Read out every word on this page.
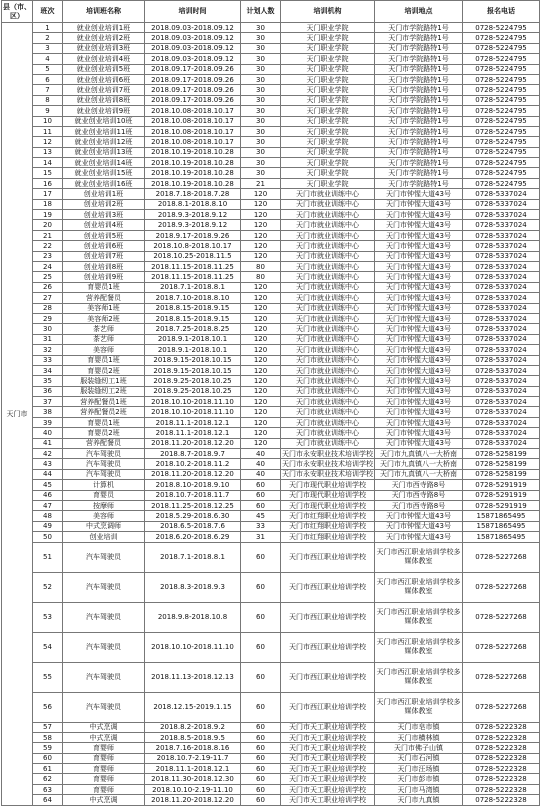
县（市、区）	班次	培训班名称	培训时间	计划人数	培训机构	培训地点	报名电话
天门市	1	就业创业培训1班	2018.09.03-2018.09.12	30	天门职业学院	天门市学院路特1号	0728-5224795
	2	就业创业培训2班	2018.09.03-2018.09.12	30	天门职业学院	天门市学院路特1号	0728-5224795
	3	就业创业培训3班	2018.09.03-2018.09.12	30	天门职业学院	天门市学院路特1号	0728-5224795
	4	就业创业培训4班	2018.09.03-2018.09.12	30	天门职业学院	天门市学院路特1号	0728-5224795
	5	就业创业培训5班	2018.09.17-2018.09.26	30	天门职业学院	天门市学院路特1号	0728-5224795
	6	就业创业培训6班	2018.09.17-2018.09.26	30	天门职业学院	天门市学院路特1号	0728-5224795
	7	就业创业培训7班	2018.09.17-2018.09.26	30	天门职业学院	天门市学院路特1号	0728-5224795
	8	就业创业培训8班	2018.09.17-2018.09.26	30	天门职业学院	天门市学院路特1号	0728-5224795
	9	就业创业培训9班	2018.10.08-2018.10.17	30	天门职业学院	天门市学院路特1号	0728-5224795
	10	就业创业培训10班	2018.10.08-2018.10.17	30	天门职业学院	天门市学院路特1号	0728-5224795
	11	就业创业培训11班	2018.10.08-2018.10.17	30	天门职业学院	天门市学院路特1号	0728-5224795
	12	就业创业培训12班	2018.10.08-2018.10.17	30	天门职业学院	天门市学院路特1号	0728-5224795
	13	就业创业培训13班	2018.10.19-2018.10.28	30	天门职业学院	天门市学院路特1号	0728-5224795
	14	就业创业培训14班	2018.10.19-2018.10.28	30	天门职业学院	天门市学院路特1号	0728-5224795
	15	就业创业培训15班	2018.10.19-2018.10.28	30	天门职业学院	天门市学院路特1号	0728-5224795
	16	就业创业培训16班	2018.10.19-2018.10.28	21	天门职业学院	天门市学院路特1号	0728-5224795
	17	创业培训1班	2018.7.18-2018.7.28	120	天门市就业训练中心	天门市钟惺大道43号	0728-5337024
	18	创业培训2班	2018.8.1-2018.8.10	120	天门市就业训练中心	天门市钟惺大道43号	0728-5337024
	19	创业培训3班	2018.9.3-2018.9.12	120	天门市就业训练中心	天门市钟惺大道43号	0728-5337024
	20	创业培训4班	2018.9.3-2018.9.12	120	天门市就业训练中心	天门市钟惺大道43号	0728-5337024
	21	创业培训5班	2018.9.17-2018.9.26	120	天门市就业训练中心	天门市钟惺大道43号	0728-5337024
	22	创业培训6班	2018.10.8-2018.10.17	120	天门市就业训练中心	天门市钟惺大道43号	0728-5337024
	23	创业培训7班	2018.10.25-2018.11.5	120	天门市就业训练中心	天门市钟惺大道43号	0728-5337024
	24	创业培训8班	2018.11.15-2018.11.25	80	天门市就业训练中心	天门市钟惺大道43号	0728-5337024
	25	创业培训9班	2018.11.15-2018.11.25	80	天门市就业训练中心	天门市钟惺大道43号	0728-5337024
	26	育婴员1班	2018.7.1-2018.8.1	120	天门市就业训练中心	天门市钟惺大道43号	0728-5337024
	27	营养配餐员	2018.7.10-2018.8.10	120	天门市就业训练中心	天门市钟惺大道43号	0728-5337024
	28	美容师1班	2018.8.15-2018.9.15	120	天门市就业训练中心	天门市钟惺大道43号	0728-5337024
	29	美容师2班	2018.8.15-2018.9.15	120	天门市就业训练中心	天门市钟惺大道43号	0728-5337024
	30	茶艺师	2018.7.25-2018.8.25	120	天门市就业训练中心	天门市钟惺大道43号	0728-5337024
	31	茶艺师	2018.9.1-2018.10.1	120	天门市就业训练中心	天门市钟惺大道43号	0728-5337024
	32	美容师	2018.9.1-2018.10.1	120	天门市就业训练中心	天门市钟惺大道43号	0728-5337024
	33	育婴员1班	2018.9.15-2018.10.15	120	天门市就业训练中心	天门市钟惺大道43号	0728-5337024
	34	育婴员2班	2018.9.15-2018.10.15	120	天门市就业训练中心	天门市钟惺大道43号	0728-5337024
	35	服装缝纫工1班	2018.9.25-2018.10.25	120	天门市就业训练中心	天门市钟惺大道43号	0728-5337024
	36	服装缝纫工2班	2018.9.25-2018.10.25	120	天门市就业训练中心	天门市钟惺大道43号	0728-5337024
	37	营养配餐员1班	2018.10.10-2018.11.10	120	天门市就业训练中心	天门市钟惺大道43号	0728-5337024
	38	营养配餐员2班	2018.10.10-2018.11.10	120	天门市就业训练中心	天门市钟惺大道43号	0728-5337024
	39	育婴员1班	2018.11.1-2018.12.1	120	天门市就业训练中心	天门市钟惺大道43号	0728-5337024
	40	育婴员2班	2018.11.1-2018.12.1	120	天门市就业训练中心	天门市钟惺大道43号	0728-5337024
	41	营养配餐员	2018.11.20-2018.12.20	120	天门市就业训练中心	天门市钟惺大道43号	0728-5337024
	42	汽车驾驶员	2018.8.7-2018.9.7	40	天门市永安职业技术培训学校	天门市九真镇八一大桥南	0728-5258199
	43	汽车驾驶员	2018.10.2-2018.11.2	40	天门市永安职业技术培训学校	天门市九真镇八一大桥南	0728-5258199
	44	汽车驾驶员	2018.11.20-2018.12.20	40	天门市永安职业技术培训学校	天门市九真镇八一大桥南	0728-5258199
	45	计算机	2018.8.10-2018.9.10	60	天门市现代职业培训学校	天门市西寺路8号	0728-5291919
	46	育婴员	2018.10.7-2018.11.7	60	天门市现代职业培训学校	天门市西寺路8号	0728-5291919
	47	按摩师	2018.11.25-2018.12.25	60	天门市现代职业培训学校	天门市西寺路8号	0728-5291919
	48	美容师	2018.5.29-2018.6.30	45	天门市红翔职业培训学校	天门市钟惺大道43号	15871865495
	49	中式烹调师	2018.6.5-2018.7.6	33	天门市红翔职业培训学校	天门市钟惺大道43号	15871865495
	50	创业培训	2018.6.20-2018.6.29	31	天门市红翔职业培训学校	天门市钟惺大道43号	15871865495
	51	汽车驾驶员	2018.7.1-2018.8.1	60	天门市西江职业培训学校	天门市西江职业培训学校多媒体教室	0728-5227268
	52	汽车驾驶员	2018.8.3-2018.9.3	60	天门市西江职业培训学校	天门市西江职业培训学校多媒体教室	0728-5227268
	53	汽车驾驶员	2018.9.8-2018.10.8	60	天门市西江职业培训学校	天门市西江职业培训学校多媒体教室	0728-5227268
	54	汽车驾驶员	2018.10.10-2018.11.10	60	天门市西江职业培训学校	天门市西江职业培训学校多媒体教室	0728-5227268
	55	汽车驾驶员	2018.11.13-2018.12.13	60	天门市西江职业培训学校	天门市西江职业培训学校多媒体教室	0728-5227268
	56	汽车驾驶员	2018.12.15-2019.1.15	60	天门市西江职业培训学校	天门市西江职业培训学校多媒体教室	0728-5227268
	57	中式烹调	2018.8.2-2018.9.2	60	天门市天工职业培训学校	天门市皂市镇	0728-5222328
	58	中式烹调	2018.8.5-2018.9.5	60	天门市天工职业培训学校	天门市横林镇	0728-5222328
	59	育婴师	2018.7.16-2018.8.16	60	天门市天工职业培训学校	天门市佛子山镇	0728-5222328
	60	育婴师	2018.10.7-2.19-11.7	60	天门市天工职业培训学校	天门市石河镇	0728-5222328
	61	育婴师	2018.11.1-2018.12.1	60	天门市天工职业培训学校	天门市汪场镇	0728-5222328
	62	育婴师	2018.11.30-2018.12.30	60	天门市天工职业培训学校	天门市彭市镇	0728-5222328
	63	育婴师	2018.10.10-2.19-11.10	60	天门市天工职业培训学校	天门市马湾镇	0728-5222328
	64	中式烹调	2018.11.20-2018.12.20	60	天门市天工职业培训学校	天门市九真镇	0728-5222328
